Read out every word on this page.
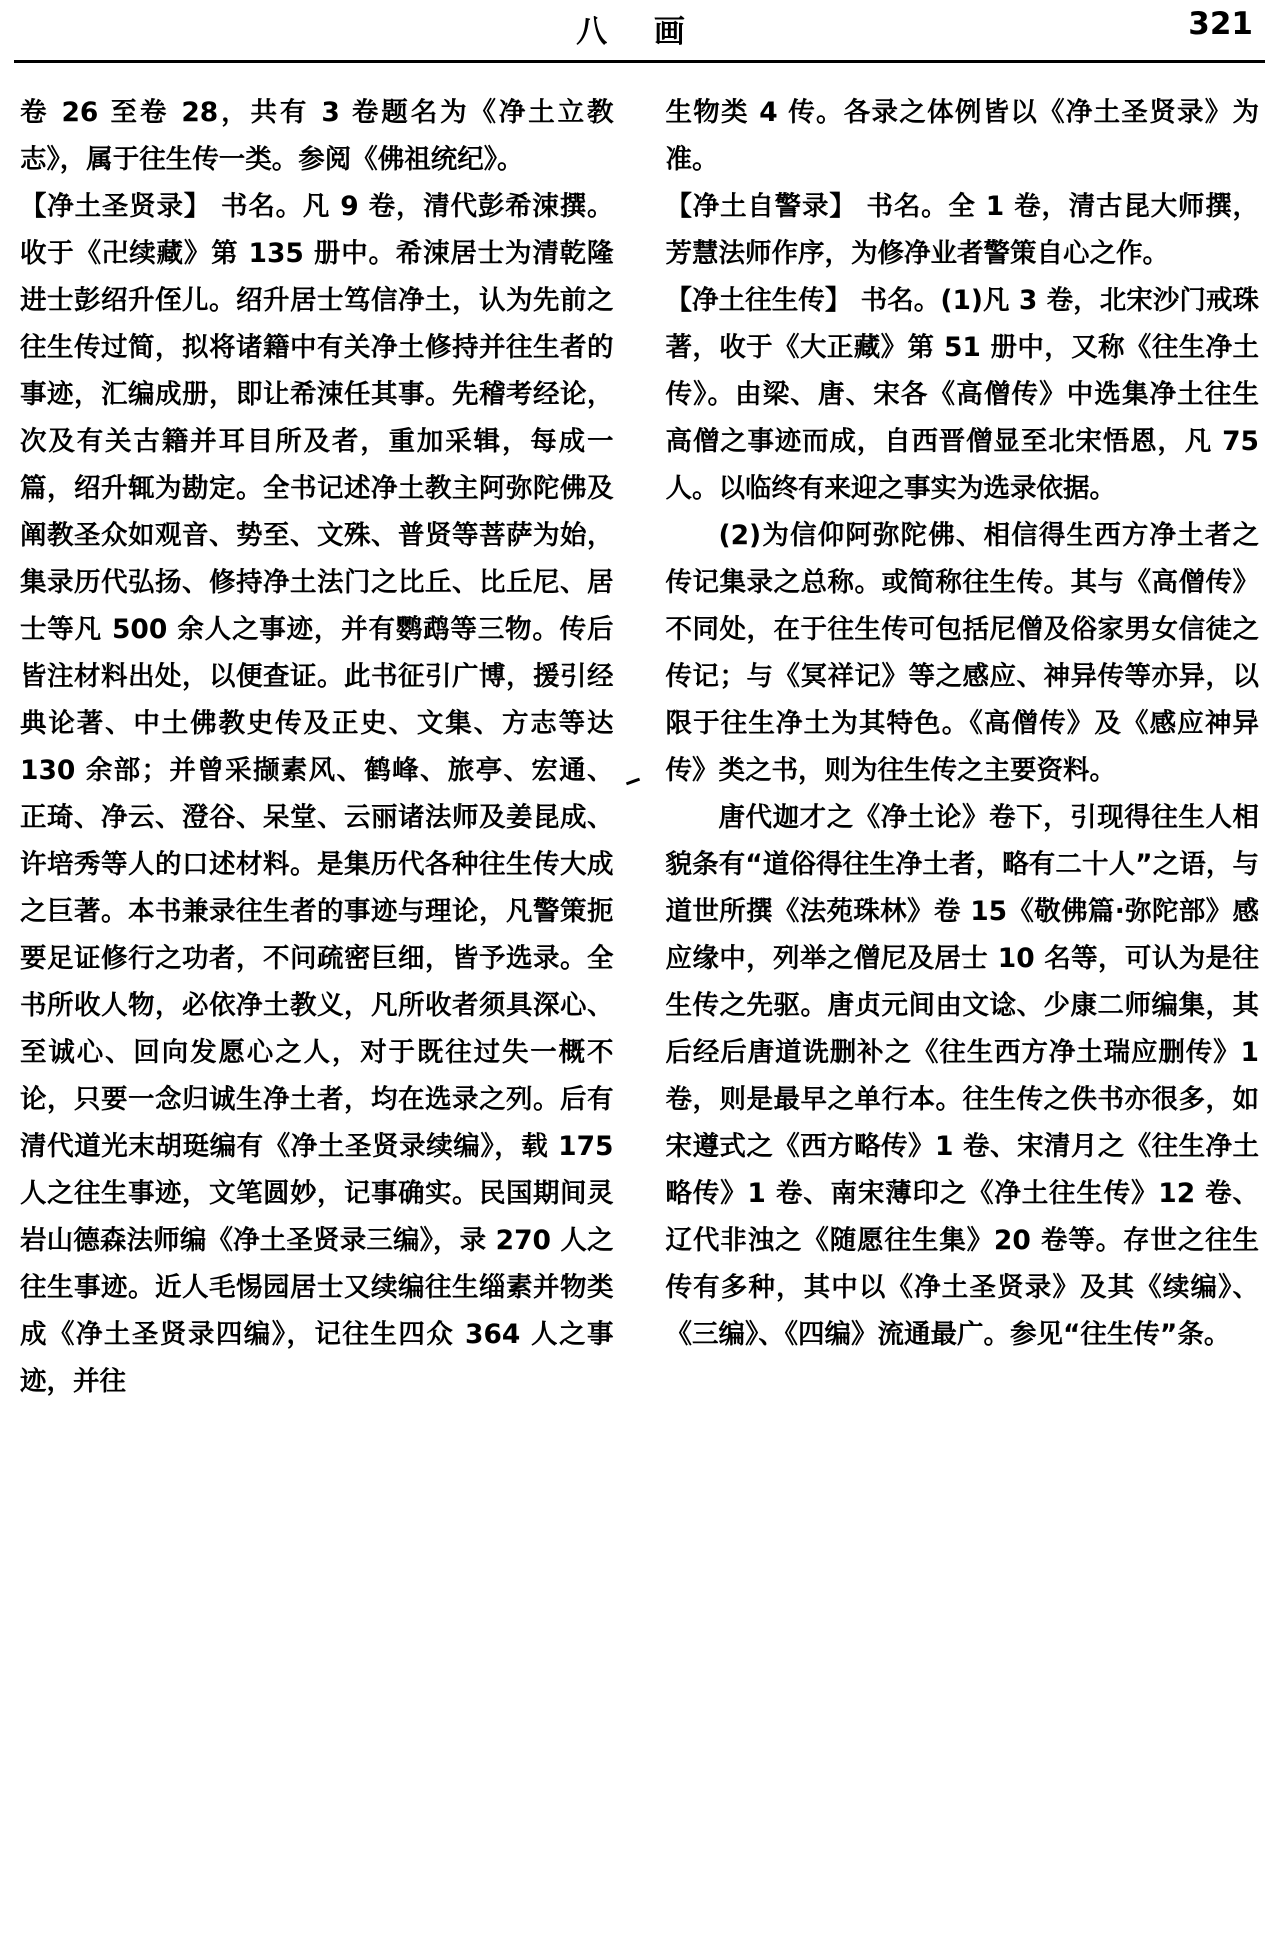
八 画	321

卷 26 至卷 28，共有 3 卷题名为《净土立教志》，属于往生传一类。参阅《佛祖统纪》。

【净土圣贤录】 书名。凡 9 卷，清代彭希涑撰。收于《卍续藏》第 135 册中。希涑居士为清乾隆进士彭绍升侄儿。绍升居士笃信净土，认为先前之往生传过简，拟将诸籍中有关净土修持并往生者的事迹，汇编成册，即让希涑任其事。先稽考经论，次及有关古籍并耳目所及者，重加采辑，每成一篇，绍升辄为勘定。全书记述净土教主阿弥陀佛及阐教圣众如观音、势至、文殊、普贤等菩萨为始，集录历代弘扬、修持净土法门之比丘、比丘尼、居士等凡 500 余人之事迹，并有鹦鹉等三物。传后皆注材料出处，以便查证。此书征引广博，援引经典论著、中土佛教史传及正史、文集、方志等达 130 余部；并曾采撷素风、鹤峰、旅亭、宏通、正琦、净云、澄谷、呆堂、云丽诸法师及姜昆成、许培秀等人的口述材料。是集历代各种往生传大成之巨著。本书兼录往生者的事迹与理论，凡警策扼要足证修行之功者，不问疏密巨细，皆予选录。全书所收人物，必依净土教义，凡所收者须具深心、至诚心、回向发愿心之人，对于既往过失一概不论，只要一念归诚生净土者，均在选录之列。后有清代道光末胡珽编有《净土圣贤录续编》，载 175 人之往生事迹，文笔圆妙，记事确实。民国期间灵岩山德森法师编《净土圣贤录三编》，录 270 人之往生事迹。近人毛惕园居士又续编往生缁素并物类成《净土圣贤录四编》，记往生四众 364 人之事迹，并往

生物类 4 传。各录之体例皆以《净土圣贤录》为准。

【净土自警录】 书名。全 1 卷，清古昆大师撰，芳慧法师作序，为修净业者警策自心之作。

【净土往生传】 书名。(1)凡 3 卷，北宋沙门戒珠著，收于《大正藏》第 51 册中，又称《往生净土传》。由梁、唐、宋各《高僧传》中选集净土往生高僧之事迹而成，自西晋僧显至北宋悟恩，凡 75 人。以临终有来迎之事实为选录依据。

(2)为信仰阿弥陀佛、相信得生西方净土者之传记集录之总称。或简称往生传。其与《高僧传》不同处，在于往生传可包括尼僧及俗家男女信徒之传记；与《冥祥记》等之感应、神异传等亦异，以限于往生净土为其特色。《高僧传》及《感应神异传》类之书，则为往生传之主要资料。

唐代迦才之《净土论》卷下，引现得往生人相貌条有“道俗得往生净土者，略有二十人”之语，与道世所撰《法苑珠林》卷 15《敬佛篇·弥陀部》感应缘中，列举之僧尼及居士 10 名等，可认为是往生传之先驱。唐贞元间由文谂、少康二师编集，其后经后唐道诜删补之《往生西方净土瑞应删传》1 卷，则是最早之单行本。往生传之佚书亦很多，如宋遵式之《西方略传》1 卷、宋清月之《往生净土略传》1 卷、南宋薄印之《净土往生传》12 卷、辽代非浊之《随愿往生集》20 卷等。存世之往生传有多种，其中以《净土圣贤录》及其《续编》、《三编》、《四编》流通最广。参见“往生传”条。
